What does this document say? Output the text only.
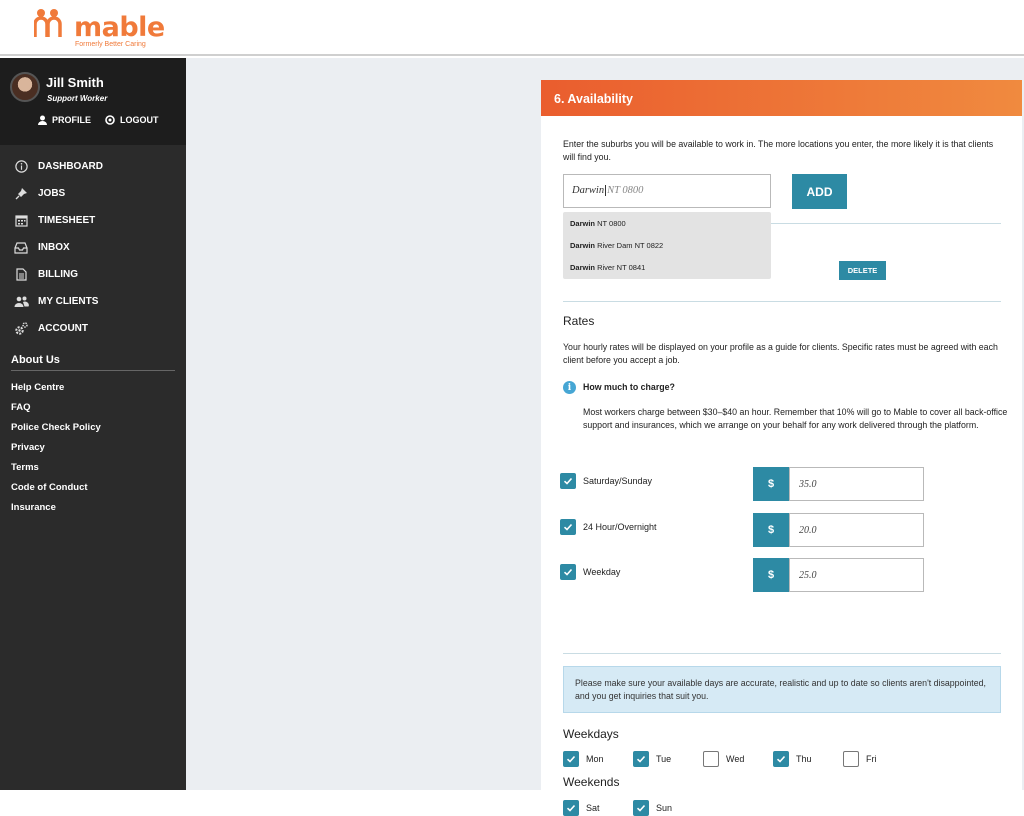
mable
Formerly Better Caring
Jill Smith
Support Worker
PROFILE	LOGOUT
DASHBOARD
JOBS
TIMESHEET
INBOX
BILLING
MY CLIENTS
ACCOUNT
About Us
Help Centre
FAQ
Police Check Policy
Privacy
Terms
Code of Conduct
Insurance
6. Availability
Enter the suburbs you will be available to work in. The more locations you enter, the more likely it is that clients will find you.
Darwin NT 0800	ADD
Darwin NT 0800
Darwin River Dam NT 0822
Darwin River NT 0841	DELETE
Rates
Your hourly rates will be displayed on your profile as a guide for clients. Specific rates must be agreed with each client before you accept a job.
i	How much to charge?
Most workers charge between $30–$40 an hour. Remember that 10% will go to Mable to cover all back-office support and insurances, which we arrange on your behalf for any work delivered through the platform.
Saturday/Sunday	$	35.0
24 Hour/Overnight	$	20.0
Weekday	$	25.0
Please make sure your available days are accurate, realistic and up to date so clients aren't disappointed, and you get inquiries that suit you.
Weekdays
Mon	Tue	Wed	Thu	Fri
Weekends
Sat	Sun
